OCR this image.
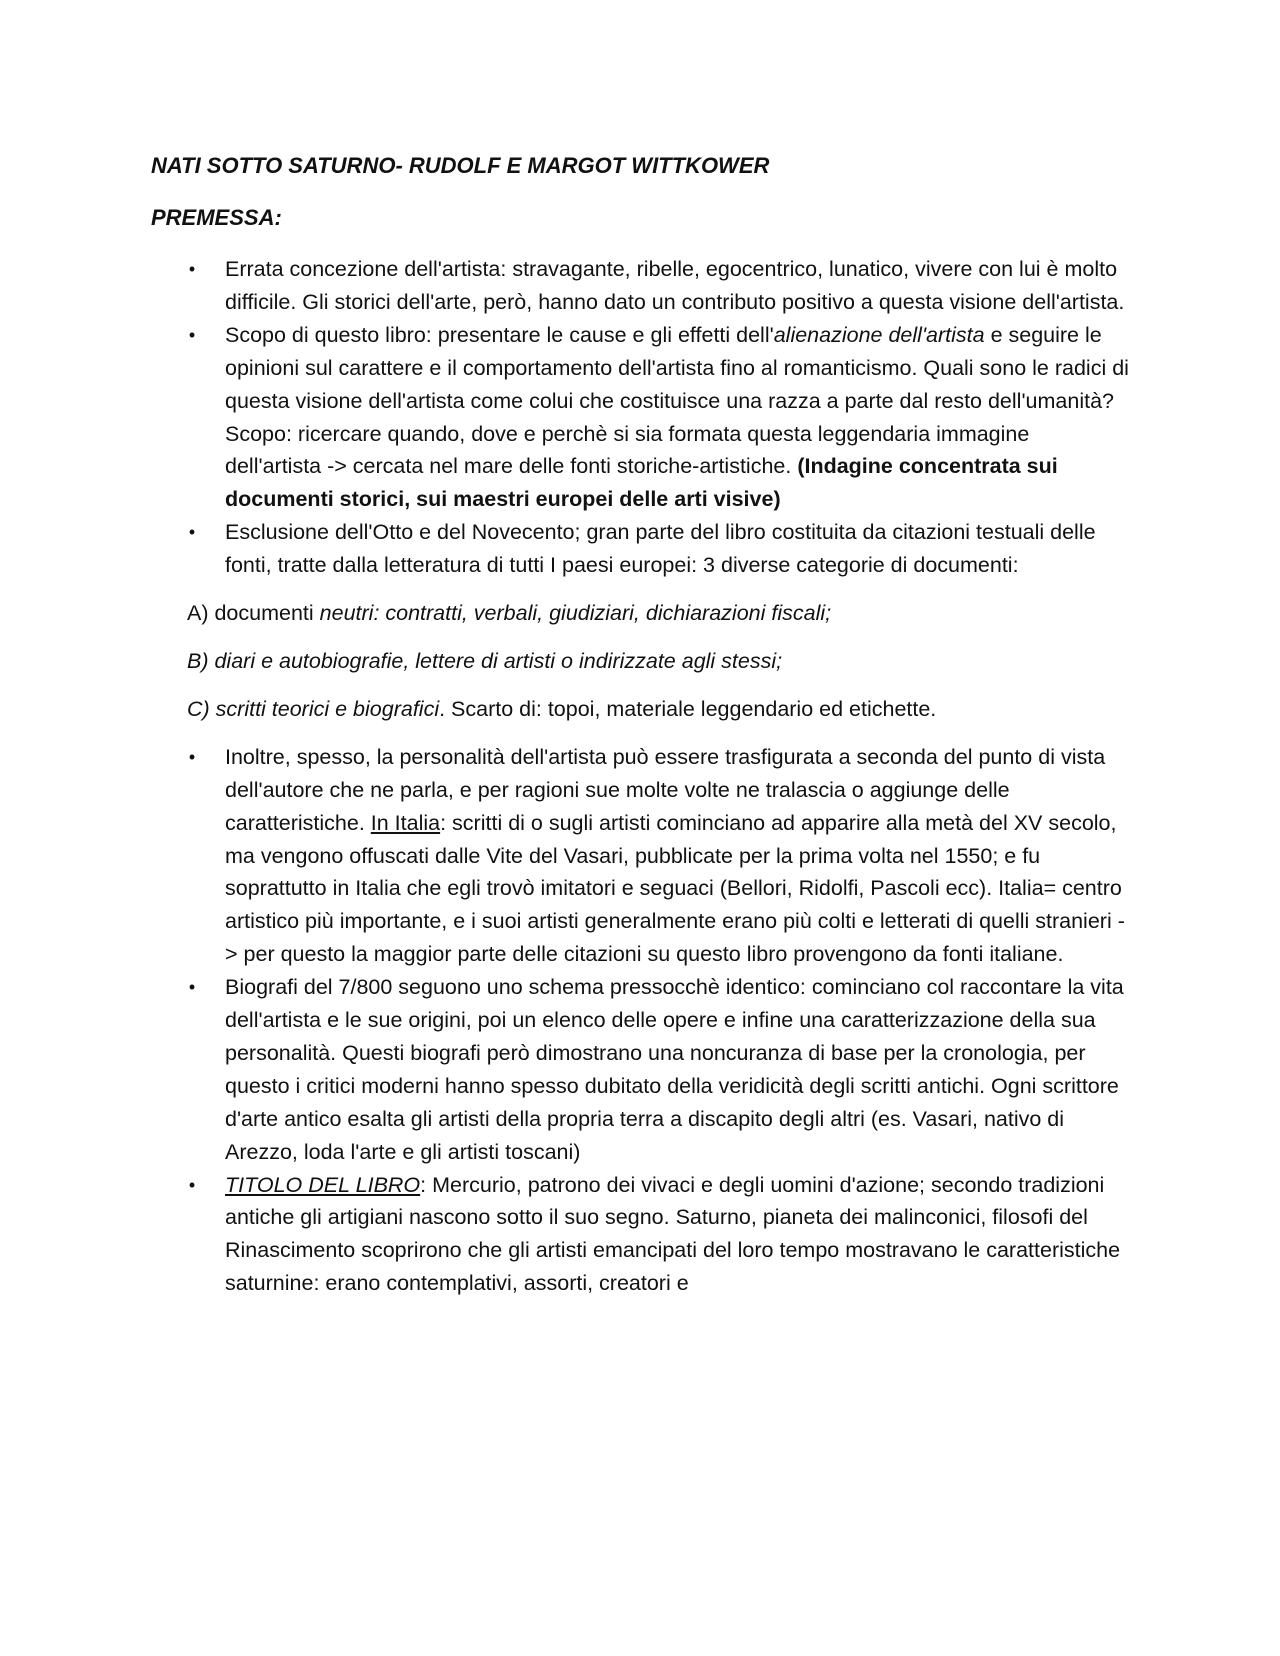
NATI SOTTO SATURNO- RUDOLF E MARGOT WITTKOWER
PREMESSA:
• Errata concezione dell'artista: stravagante, ribelle, egocentrico, lunatico, vivere con lui è molto difficile. Gli storici dell'arte, però, hanno dato un contributo positivo a questa visione dell'artista.
• Scopo di questo libro: presentare le cause e gli effetti dell'alienazione dell'artista e seguire le opinioni sul carattere e il comportamento dell'artista fino al romanticismo. Quali sono le radici di questa visione dell'artista come colui che costituisce una razza a parte dal resto dell'umanità? Scopo: ricercare quando, dove e perchè si sia formata questa leggendaria immagine dell'artista -> cercata nel mare delle fonti storiche-artistiche. (Indagine concentrata sui documenti storici, sui maestri europei delle arti visive)
• Esclusione dell'Otto e del Novecento; gran parte del libro costituita da citazioni testuali delle fonti, tratte dalla letteratura di tutti I paesi europei: 3 diverse categorie di documenti:

A) documenti neutri: contratti, verbali, giudiziari, dichiarazioni fiscali;

B) diari e autobiografie, lettere di artisti o indirizzate agli stessi;

C) scritti teorici e biografici. Scarto di: topoi, materiale leggendario ed etichette.

• Inoltre, spesso, la personalità dell'artista può essere trasfigurata a seconda del punto di vista dell'autore che ne parla, e per ragioni sue molte volte ne tralascia o aggiunge delle caratteristiche. In Italia: scritti di o sugli artisti cominciano ad apparire alla metà del XV secolo, ma vengono offuscati dalle Vite del Vasari, pubblicate per la prima volta nel 1550; e fu soprattutto in Italia che egli trovò imitatori e seguaci (Bellori, Ridolfi, Pascoli ecc). Italia= centro artistico più importante, e i suoi artisti generalmente erano più colti e letterati di quelli stranieri -> per questo la maggior parte delle citazioni su questo libro provengono da fonti italiane.
• Biografi del 7/800 seguono uno schema pressocchè identico: cominciano col raccontare la vita dell'artista e le sue origini, poi un elenco delle opere e infine una caratterizzazione della sua personalità. Questi biografi però dimostrano una noncuranza di base per la cronologia, per questo i critici moderni hanno spesso dubitato della veridicità degli scritti antichi. Ogni scrittore d'arte antico esalta gli artisti della propria terra a discapito degli altri (es. Vasari, nativo di Arezzo, loda l'arte e gli artisti toscani)
• TITOLO DEL LIBRO: Mercurio, patrono dei vivaci e degli uomini d'azione; secondo tradizioni antiche gli artigiani nascono sotto il suo segno. Saturno, pianeta dei malinconici, filosofi del Rinascimento scoprirono che gli artisti emancipati del loro tempo mostravano le caratteristiche saturnine: erano contemplativi, assorti, creatori e
